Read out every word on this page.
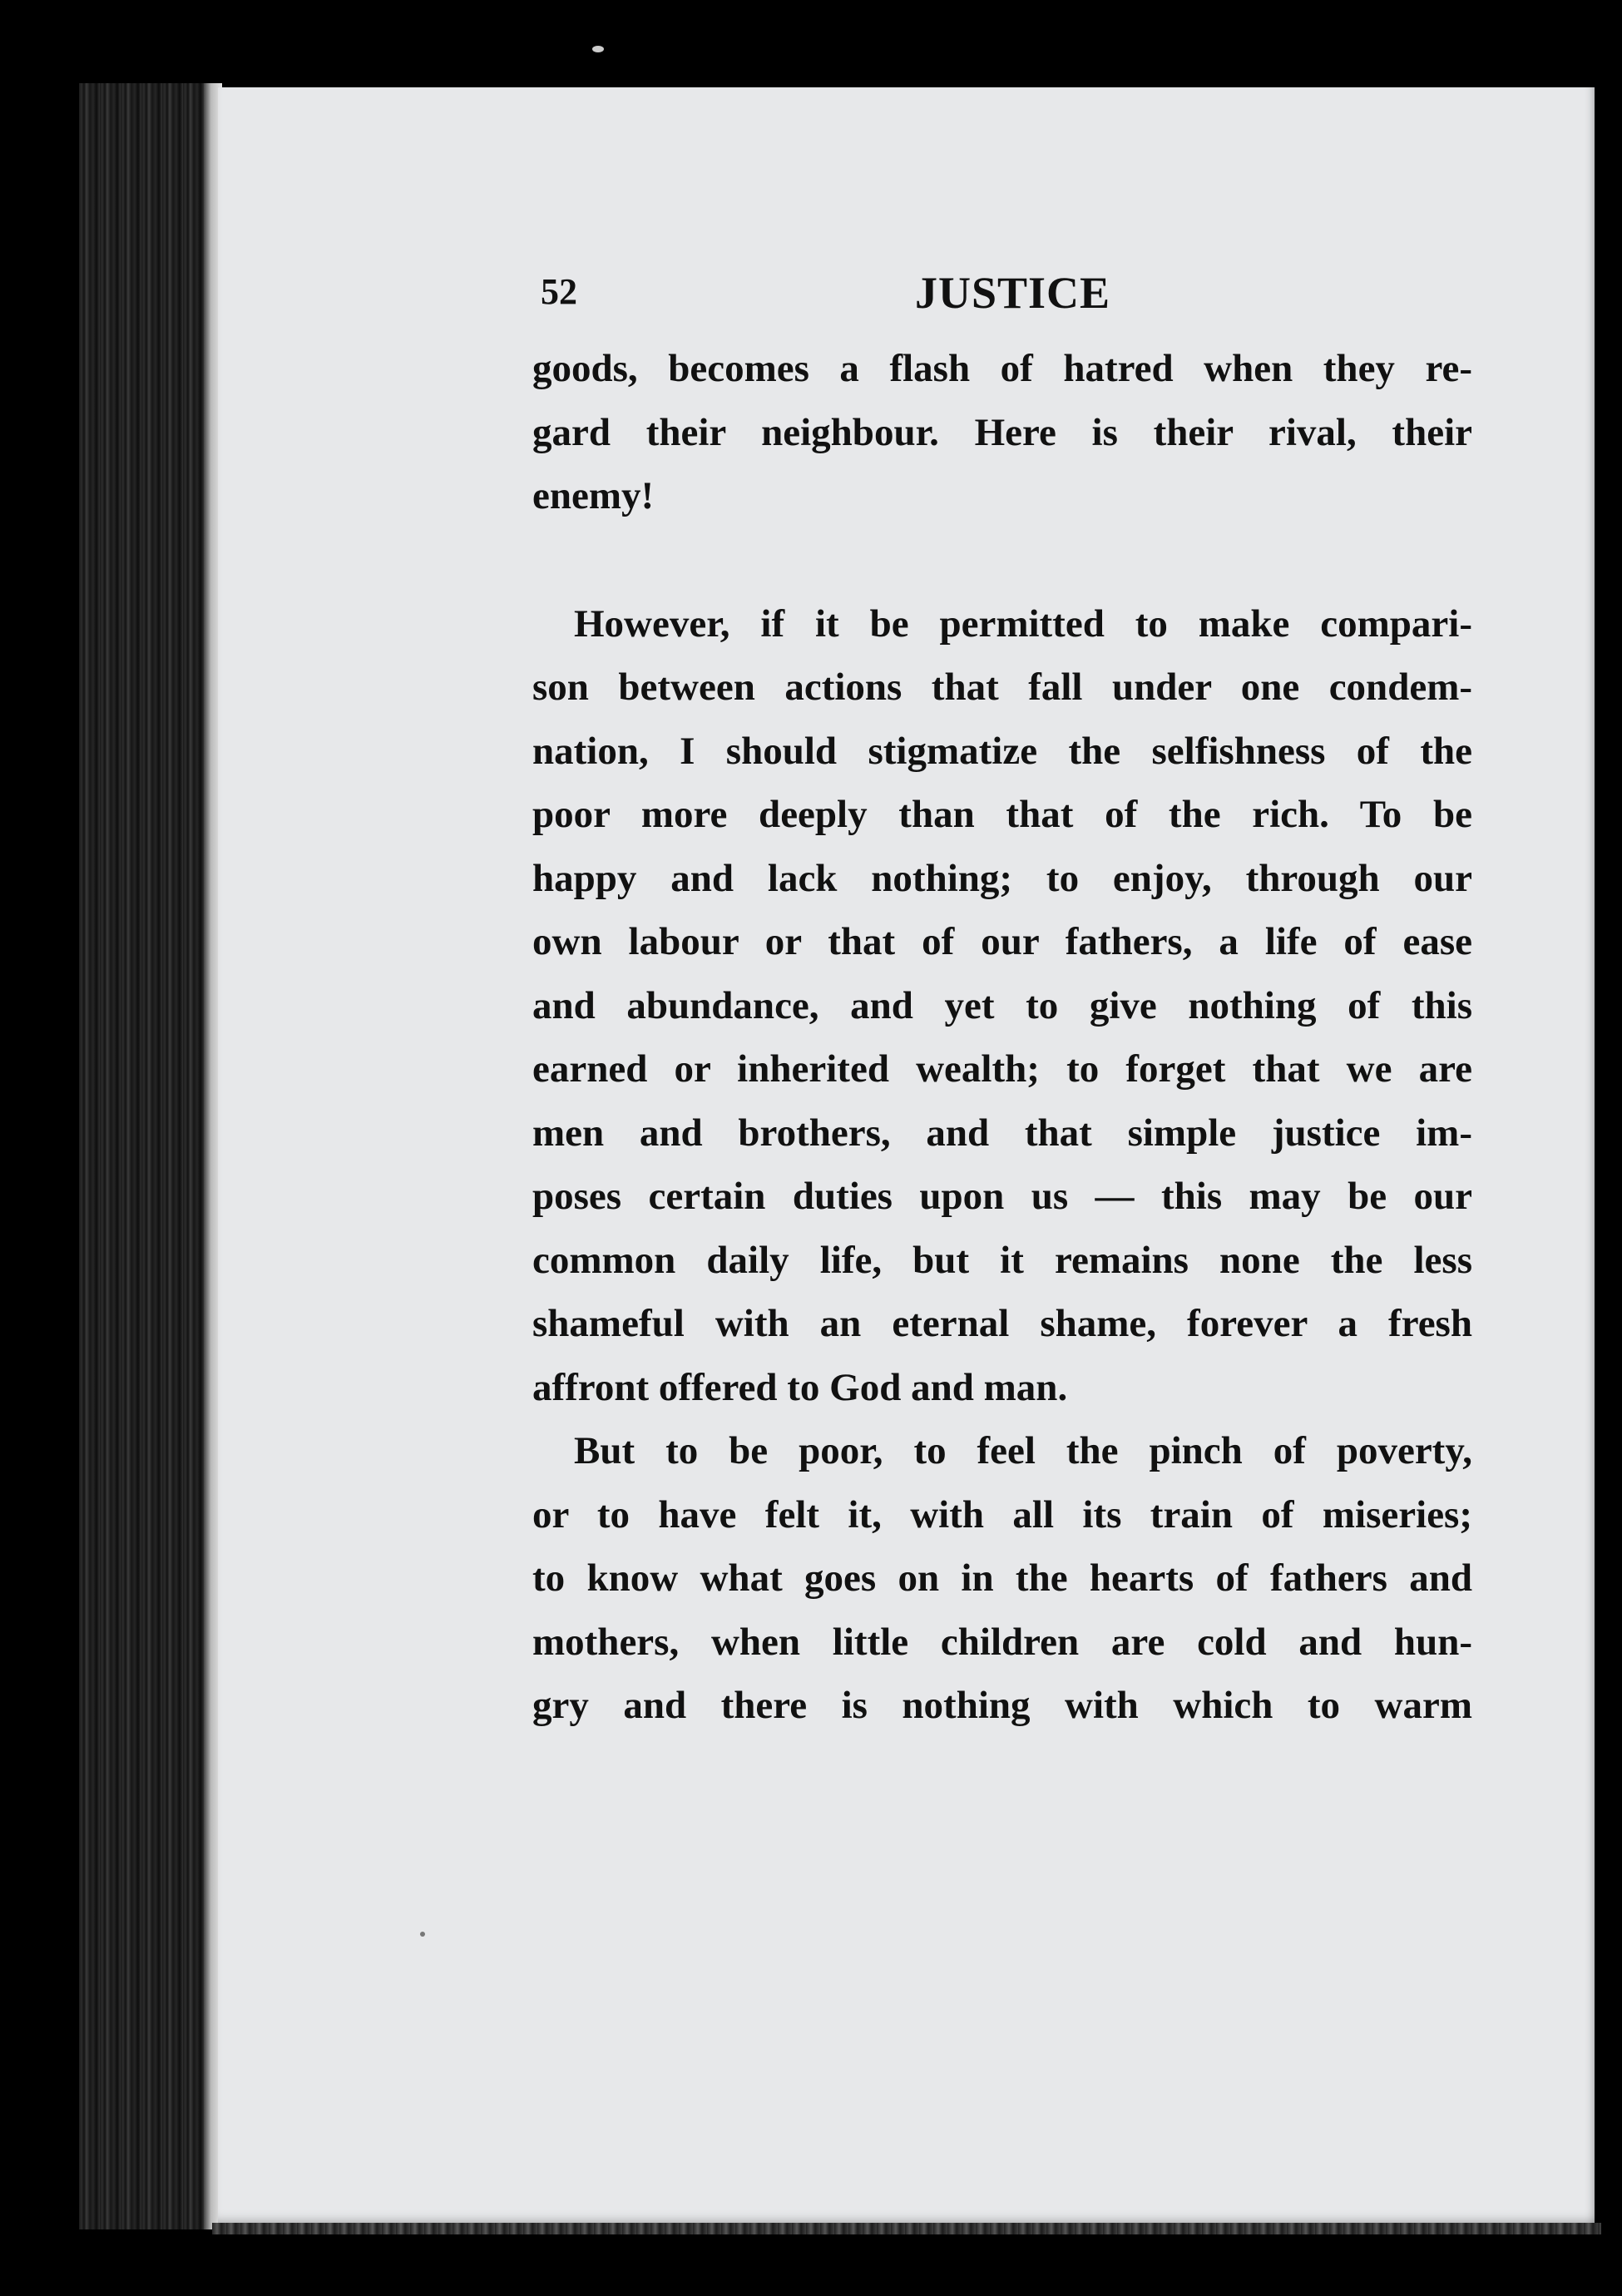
52	JUSTICE
goods, becomes a flash of hatred when they re-
gard their neighbour. Here is their rival, their
enemy!
However, if it be permitted to make compari-
son between actions that fall under one condem-
nation, I should stigmatize the selfishness of the
poor more deeply than that of the rich. To be
happy and lack nothing; to enjoy, through our
own labour or that of our fathers, a life of ease
and abundance, and yet to give nothing of this
earned or inherited wealth; to forget that we are
men and brothers, and that simple justice im-
poses certain duties upon us — this may be our
common daily life, but it remains none the less
shameful with an eternal shame, forever a fresh
affront offered to God and man.
But to be poor, to feel the pinch of poverty,
or to have felt it, with all its train of miseries;
to know what goes on in the hearts of fathers and
mothers, when little children are cold and hun-
gry and there is nothing with which to warm
